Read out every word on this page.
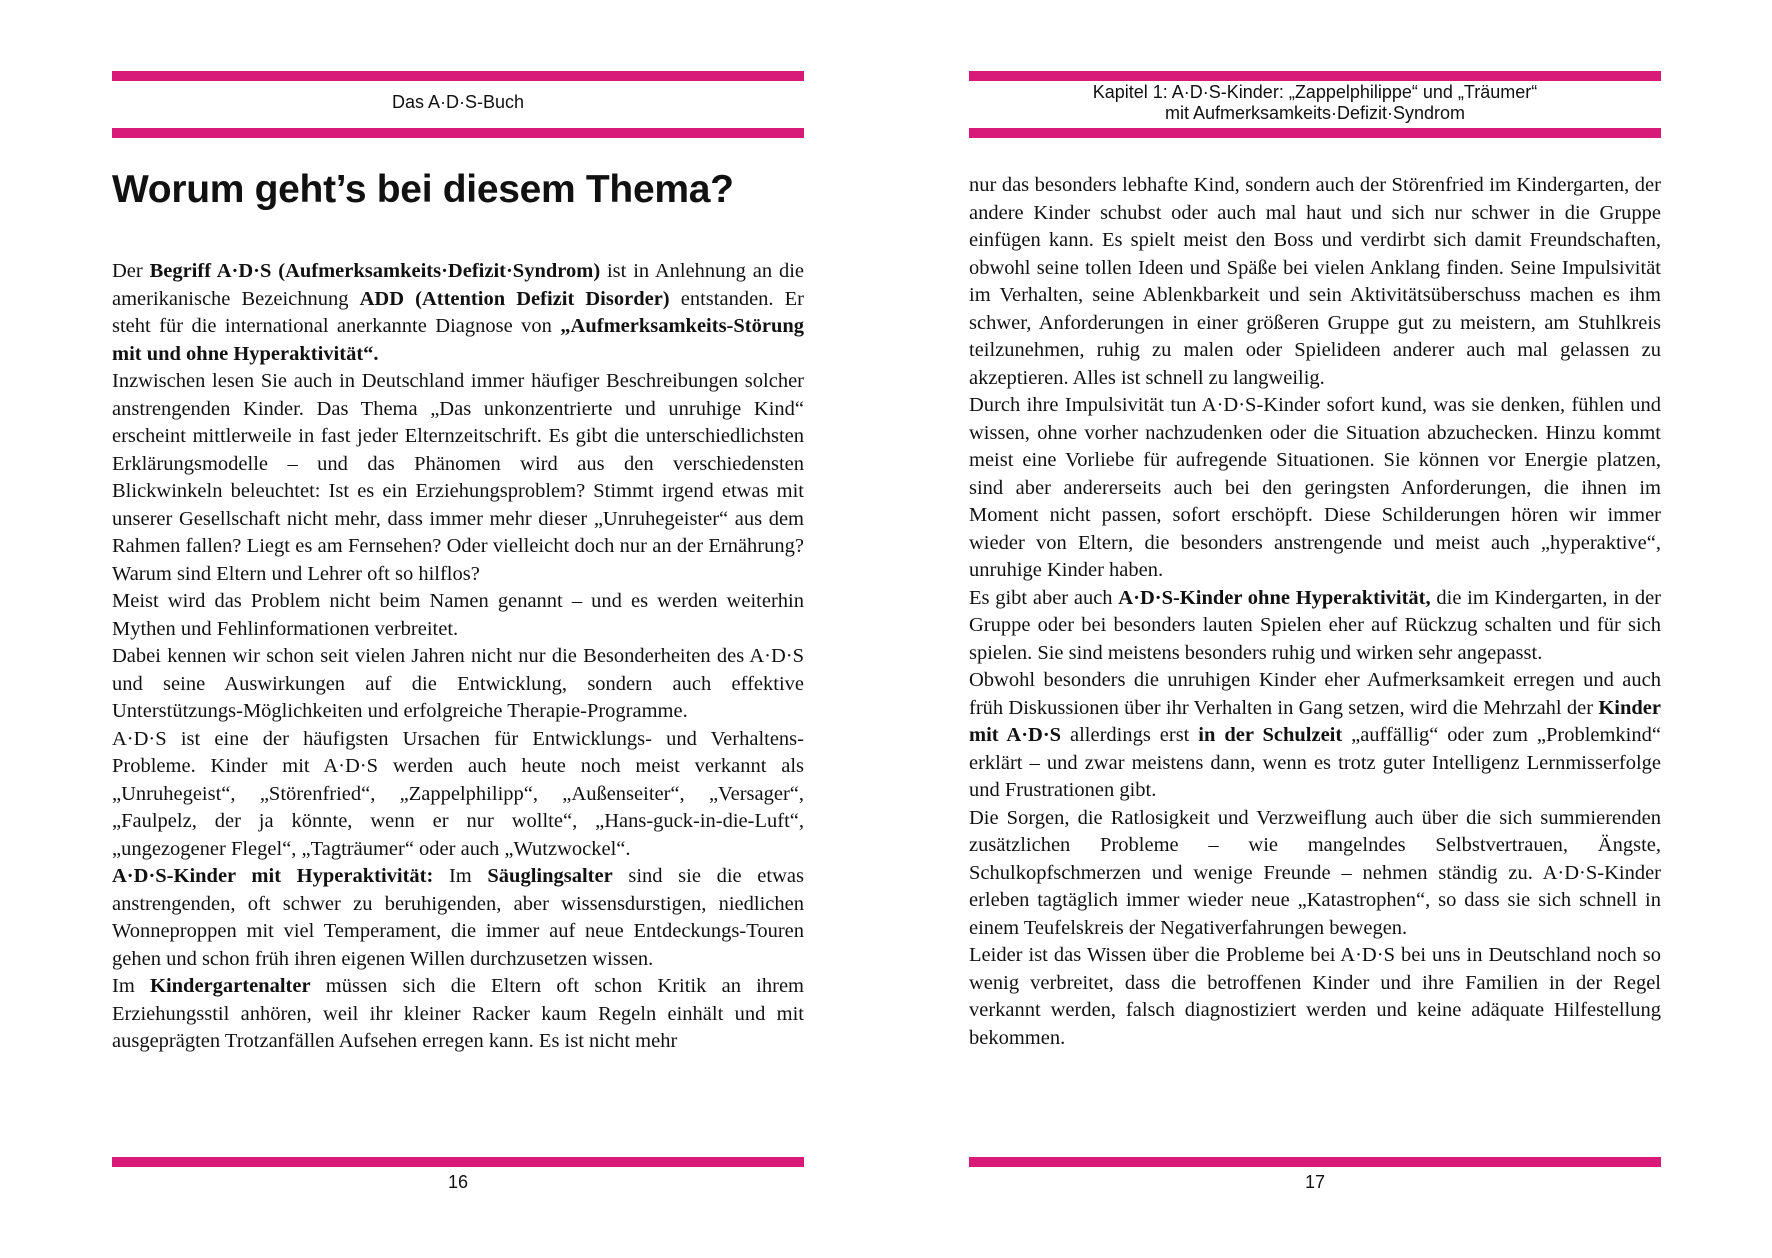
Das A·D·S-Buch
Worum geht’s bei diesem Thema?

Der Begriff A·D·S (Aufmerksamkeits·Defizit·Syndrom) ist in Anlehnung an die amerikanische Bezeichnung ADD (Attention Defizit Disorder) entstanden. Er steht für die international anerkannte Diagnose von „Aufmerksamkeits-Störung mit und ohne Hyperaktivität“.

Inzwischen lesen Sie auch in Deutschland immer häufiger Beschreibungen solcher anstrengenden Kinder. Das Thema „Das unkonzentrierte und unruhige Kind“ erscheint mittlerweile in fast jeder Elternzeitschrift. Es gibt die unterschiedlichsten Erklärungsmodelle – und das Phänomen wird aus den verschiedensten Blickwinkeln beleuchtet: Ist es ein Erziehungsproblem? Stimmt irgend etwas mit unserer Gesellschaft nicht mehr, dass immer mehr dieser „Unruhegeister“ aus dem Rahmen fallen? Liegt es am Fernsehen? Oder vielleicht doch nur an der Ernährung? Warum sind Eltern und Lehrer oft so hilflos?

Meist wird das Problem nicht beim Namen genannt – und es werden weiterhin Mythen und Fehlinformationen verbreitet.

Dabei kennen wir schon seit vielen Jahren nicht nur die Besonderheiten des A·D·S und seine Auswirkungen auf die Entwicklung, sondern auch effektive Unterstützungs-Möglichkeiten und erfolgreiche Therapie-Programme.

A·D·S ist eine der häufigsten Ursachen für Entwicklungs- und Verhaltens-Probleme. Kinder mit A·D·S werden auch heute noch meist verkannt als „Unruhegeist“, „Störenfried“, „Zappelphilipp“, „Außenseiter“, „Versager“, „Faulpelz, der ja könnte, wenn er nur wollte“, „Hans-guck-in-die-Luft“, „ungezogener Flegel“, „Tagträumer“ oder auch „Wutzwockel“.

A·D·S-Kinder mit Hyperaktivität: Im Säuglingsalter sind sie die etwas anstrengenden, oft schwer zu beruhigenden, aber wissensdurstigen, niedlichen Wonneproppen mit viel Temperament, die immer auf neue Entdeckungs-Touren gehen und schon früh ihren eigenen Willen durchzusetzen wissen.

Im Kindergartenalter müssen sich die Eltern oft schon Kritik an ihrem Erziehungsstil anhören, weil ihr kleiner Racker kaum Regeln einhält und mit ausgeprägten Trotzanfällen Aufsehen erregen kann. Es ist nicht mehr

16
Kapitel 1: A·D·S-Kinder: „Zappelphilippe“ und „Träumer“
mit Aufmerksamkeits·Defizit·Syndrom

nur das besonders lebhafte Kind, sondern auch der Störenfried im Kindergarten, der andere Kinder schubst oder auch mal haut und sich nur schwer in die Gruppe einfügen kann. Es spielt meist den Boss und verdirbt sich damit Freundschaften, obwohl seine tollen Ideen und Späße bei vielen Anklang finden. Seine Impulsivität im Verhalten, seine Ablenkbarkeit und sein Aktivitätsüberschuss machen es ihm schwer, Anforderungen in einer größeren Gruppe gut zu meistern, am Stuhlkreis teilzunehmen, ruhig zu malen oder Spielideen anderer auch mal gelassen zu akzeptieren. Alles ist schnell zu langweilig.

Durch ihre Impulsivität tun A·D·S-Kinder sofort kund, was sie denken, fühlen und wissen, ohne vorher nachzudenken oder die Situation abzuchecken. Hinzu kommt meist eine Vorliebe für aufregende Situationen. Sie können vor Energie platzen, sind aber andererseits auch bei den geringsten Anforderungen, die ihnen im Moment nicht passen, sofort erschöpft. Diese Schilderungen hören wir immer wieder von Eltern, die besonders anstrengende und meist auch „hyperaktive“, unruhige Kinder haben.

Es gibt aber auch A·D·S-Kinder ohne Hyperaktivität, die im Kindergarten, in der Gruppe oder bei besonders lauten Spielen eher auf Rückzug schalten und für sich spielen. Sie sind meistens besonders ruhig und wirken sehr angepasst.

Obwohl besonders die unruhigen Kinder eher Aufmerksamkeit erregen und auch früh Diskussionen über ihr Verhalten in Gang setzen, wird die Mehrzahl der Kinder mit A·D·S allerdings erst in der Schulzeit „auffällig“ oder zum „Problemkind“ erklärt – und zwar meistens dann, wenn es trotz guter Intelligenz Lernmisserfolge und Frustrationen gibt.

Die Sorgen, die Ratlosigkeit und Verzweiflung auch über die sich summierenden zusätzlichen Probleme – wie mangelndes Selbstvertrauen, Ängste, Schulkopfschmerzen und wenige Freunde – nehmen ständig zu. A·D·S-Kinder erleben tagtäglich immer wieder neue „Katastrophen“, so dass sie sich schnell in einem Teufelskreis der Negativerfahrungen bewegen.

Leider ist das Wissen über die Probleme bei A·D·S bei uns in Deutschland noch so wenig verbreitet, dass die betroffenen Kinder und ihre Familien in der Regel verkannt werden, falsch diagnostiziert werden und keine adäquate Hilfestellung bekommen.

17
